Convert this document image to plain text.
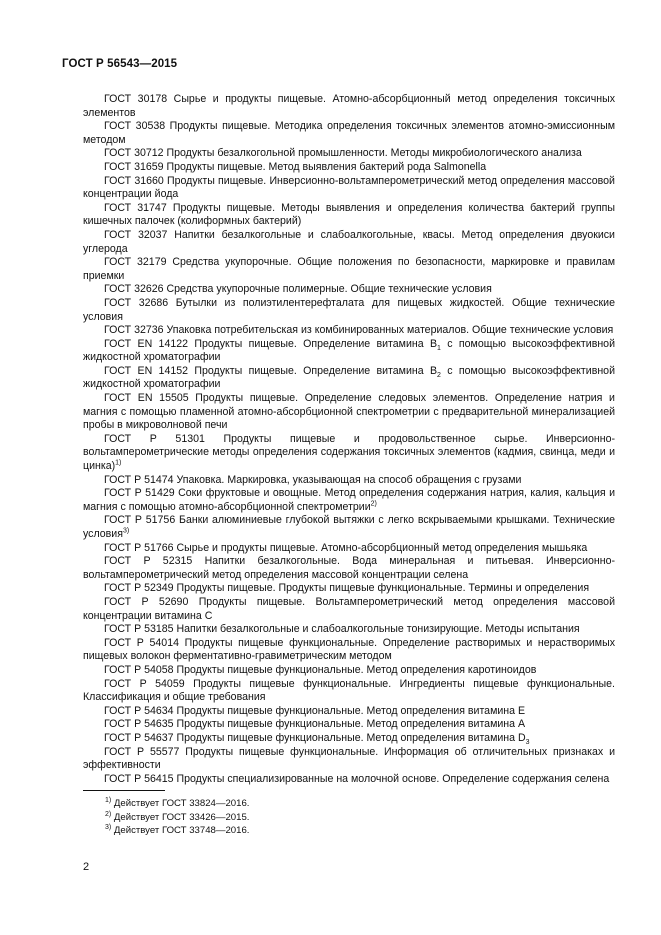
ГОСТ Р 56543—2015

ГОСТ 30178 Сырье и продукты пищевые. Атомно-абсорбционный метод определения токсичных элементов

ГОСТ 30538 Продукты пищевые. Методика определения токсичных элементов атомно-эмиссионным методом

ГОСТ 30712 Продукты безалкогольной промышленности. Методы микробиологического анализа

ГОСТ 31659 Продукты пищевые. Метод выявления бактерий рода Salmonella

ГОСТ 31660 Продукты пищевые. Инверсионно-вольтамперометрический метод определения массовой концентрации йода

ГОСТ 31747 Продукты пищевые. Методы выявления и определения количества бактерий группы кишечных палочек (колиформных бактерий)

ГОСТ 32037 Напитки безалкогольные и слабоалкогольные, квасы. Метод определения двуокиси углерода

ГОСТ 32179 Средства укупорочные. Общие положения по безопасности, маркировке и правилам приемки

ГОСТ 32626 Средства укупорочные полимерные. Общие технические условия

ГОСТ 32686 Бутылки из полиэтилентерефталата для пищевых жидкостей. Общие технические условия

ГОСТ 32736 Упаковка потребительская из комбинированных материалов. Общие технические условия

ГОСТ EN 14122 Продукты пищевые. Определение витамина $В_1$ с помощью высокоэффективной жидкостной хроматографии

ГОСТ EN 14152 Продукты пищевые. Определение витамина $В_2$ с помощью высокоэффективной жидкостной хроматографии

ГОСТ EN 15505 Продукты пищевые. Определение следовых элементов. Определение натрия и магния с помощью пламенной атомно-абсорбционной спектрометрии с предварительной минерализацией пробы в микроволновой печи

ГОСТ Р 51301 Продукты пищевые и продовольственное сырье. Инверсионно-вольтамперометрические методы определения содержания токсичных элементов (кадмия, свинца, меди и цинка)$^{1)}$

ГОСТ Р 51474 Упаковка. Маркировка, указывающая на способ обращения с грузами

ГОСТ Р 51429 Соки фруктовые и овощные. Метод определения содержания натрия, калия, кальция и магния с помощью атомно-абсорбционной спектрометрии$^{2)}$

ГОСТ Р 51756 Банки алюминиевые глубокой вытяжки с легко вскрываемыми крышками. Технические условия$^{3)}$

ГОСТ Р 51766 Сырье и продукты пищевые. Атомно-абсорбционный метод определения мышьяка

ГОСТ Р 52315 Напитки безалкогольные. Вода минеральная и питьевая. Инверсионно-вольтамперометрический метод определения массовой концентрации селена

ГОСТ Р 52349 Продукты пищевые. Продукты пищевые функциональные. Термины и определения

ГОСТ Р 52690 Продукты пищевые. Вольтамперометрический метод определения массовой концентрации витамина С

ГОСТ Р 53185 Напитки безалкогольные и слабоалкогольные тонизирующие. Методы испытания

ГОСТ Р 54014 Продукты пищевые функциональные. Определение растворимых и нерастворимых пищевых волокон ферментативно-гравиметрическим методом

ГОСТ Р 54058 Продукты пищевые функциональные. Метод определения каротиноидов

ГОСТ Р 54059 Продукты пищевые функциональные. Ингредиенты пищевые функциональные. Классификация и общие требования

ГОСТ Р 54634 Продукты пищевые функциональные. Метод определения витамина Е

ГОСТ Р 54635 Продукты пищевые функциональные. Метод определения витамина А

ГОСТ Р 54637 Продукты пищевые функциональные. Метод определения витамина $D_3$

ГОСТ Р 55577 Продукты пищевые функциональные. Информация об отличительных признаках и эффективности

ГОСТ Р 56415 Продукты специализированные на молочной основе. Определение содержания селена

$^{1)}$ Действует ГОСТ 33824—2016.
$^{2)}$ Действует ГОСТ 33426—2015.
$^{3)}$ Действует ГОСТ 33748—2016.
2
